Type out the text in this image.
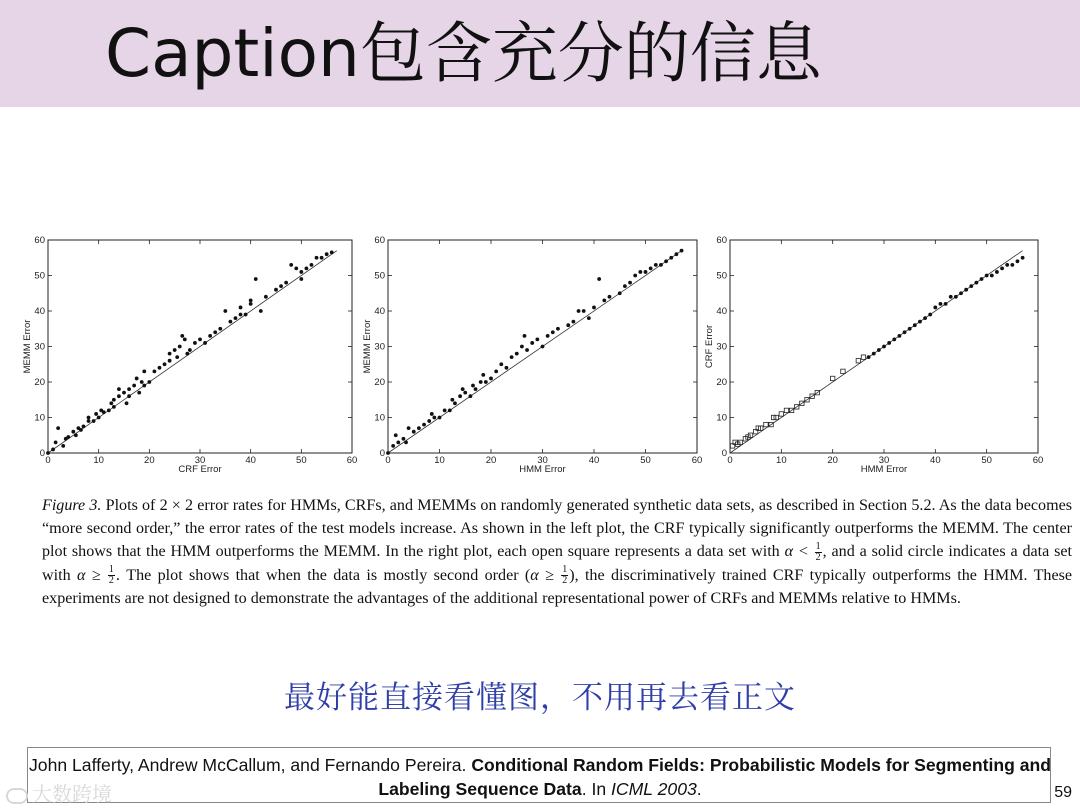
Caption包含充分的信息
0
0
10
10
20
20
30
30
40
40
50
50
60
60
CRF Error
MEMM Error
0
0
10
10
20
20
30
30
40
40
50
50
60
60
HMM Error
MEMM Error
0
0
10
10
20
20
30
30
40
40
50
50
60
60
HMM Error
CRF Error

Figure 3. Plots of 2 × 2 error rates for HMMs, CRFs, and MEMMs on randomly generated synthetic data sets, as described in Section 5.2. As the data becomes “more second order,” the error rates of the test models increase. As shown in the left plot, the CRF typically significantly outperforms the MEMM. The center plot shows that the HMM outperforms the MEMM. In the right plot, each open square represents a data set with $\alpha < \frac{1}{2}$ , and a solid circle indicates a data set with $\alpha \ge \frac{1}{2}$ . The plot shows that when the data is mostly second order ($\alpha \ge \frac{1}{2}$ ), the discriminatively trained CRF typically outperforms the HMM. These experiments are not designed to demonstrate the advantages of the additional representational power of CRFs and MEMMs relative to HMMs.

最好能直接看懂图，不用再去看正文
John Lafferty, Andrew McCallum, and Fernando Pereira. Conditional Random Fields: Probabilistic Models for Segmenting and Labeling Sequence Data. In ICML 2003.
大数跨境	59
